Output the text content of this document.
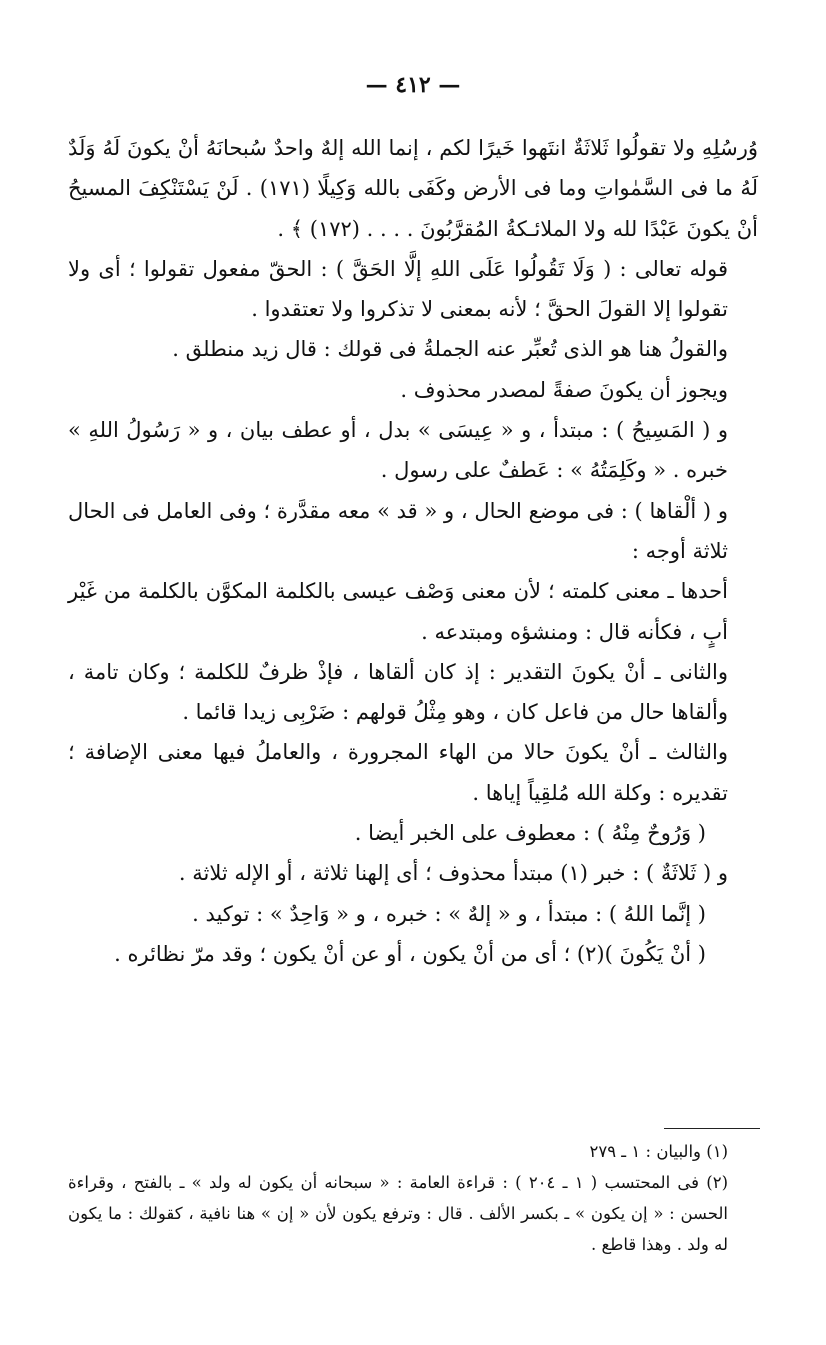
— ٤١٢ —

وُرسُلِهِ ولا تقولُوا ثَلاثَةٌ انتَهوا خَيرًا لكم ، إنما الله إلهٌ واحدٌ سُبحانَهُ أنْ يكونَ لَهُ وَلَدٌ لَهُ ما فى السَّمٰواتِ وما فى الأرض وكَفَى بالله وَكِيلًا (١٧١) . لَنْ يَسْتَنْكِفَ المسيحُ أنْ يكونَ عَبْدًا لله ولا الملائـكةُ المُقرَّبُونَ . . . . (١٧٢) ﴾ .

قوله تعالى : ( وَلَا تَقُولُوا عَلَى اللهِ إلَّا الحَقَّ ) : الحقّ مفعول تقولوا ؛ أى ولا تقولوا إلا القولَ الحقَّ ؛ لأنه بمعنى لا تذكروا ولا تعتقدوا .

والقولُ هنا هو الذى تُعبِّر عنه الجملةُ فى قولك : قال زيد منطلق .

ويجوز أن يكونَ صفةً لمصدر محذوف .

و ( المَسِيحُ ) : مبتدأ ، و « عِيسَى » بدل ، أو عطف بيان ، و « رَسُولُ اللهِ » خبره . « وكَلِمَتُهُ » : عَطفٌ على رسول .

و ( ألْقاها ) : فى موضع الحال ، و « قد » معه مقدَّرة ؛ وفى العامل فى الحال ثلاثة أوجه :

أحدها ـ معنى كلمته ؛ لأن معنى وَصْف عيسى بالكلمة المكوَّن بالكلمة من غَيْر أبٍ ، فكأنه قال : ومنشؤه ومبتدعه .

والثانى ـ أنْ يكونَ التقدير : إذ كان ألقاها ، فإذْ ظرفٌ للكلمة ؛ وكان تامة ، وألقاها حال من فاعل كان ، وهو مِثْلُ قولهم : ضَرْبِى زيدا قائما .

والثالث ـ أنْ يكونَ حالا من الهاء المجرورة ، والعاملُ فيها معنى الإضافة ؛ تقديره : وكلة الله مُلقِياً إياها .

( وَرُوحٌ مِنْهُ ) : معطوف على الخبر أيضا .

و ( ثَلاثَةٌ ) : خبر (١) مبتدأ محذوف ؛ أى إلهنا ثلاثة ، أو الإله ثلاثة .

( إنَّما اللهُ ) : مبتدأ ، و « إلهٌ » : خبره ، و « وَاحِدٌ » : توكيد .

( أنْ يَكُونَ )(٢) ؛ أى من أنْ يكون ، أو عن أنْ يكون ؛ وقد مرّ نظائره .

(١) والبيان : ١ ـ ٢٧٩

(٢) فى المحتسب ( ١ ـ ٢٠٤ ) : قراءة العامة : « سبحانه أن يكون له ولد » ـ بالفتح ، وقراءة الحسن : « إن يكون » ـ بكسر الألف . قال : وترفع يكون لأن « إن » هنا نافية ، كقولك : ما يكون له ولد . وهذا قاطع .
